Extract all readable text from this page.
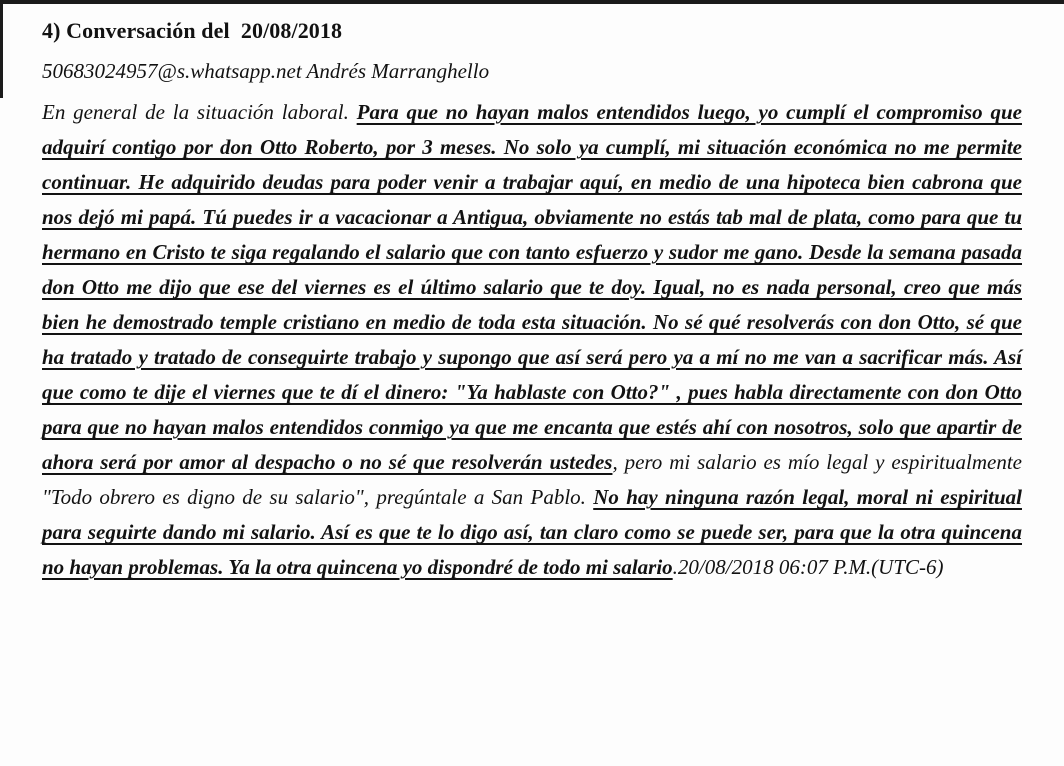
4) Conversación del  20/08/2018

50683024957@s.whatsapp.net Andrés Marranghello

En general de la situación laboral. Para que no hayan malos entendidos luego, yo cumplí el compromiso que adquirí contigo por don Otto Roberto, por 3 meses. No solo ya cumplí, mi situación económica no me permite continuar. He adquirido deudas para poder venir a trabajar aquí, en medio de una hipoteca bien cabrona que nos dejó mi papá. Tú puedes ir a vacacionar a Antigua, obviamente no estás tab mal de plata, como para que tu hermano en Cristo te siga regalando el salario que con tanto esfuerzo y sudor me gano. Desde la semana pasada don Otto me dijo que ese del viernes es el último salario que te doy. Igual, no es nada personal, creo que más bien he demostrado temple cristiano en medio de toda esta situación. No sé qué resolverás con don Otto, sé que ha tratado y tratado de conseguirte trabajo y supongo que así será pero ya a mí no me van a sacrificar más. Así que como te dije el viernes que te dí el dinero: "Ya hablaste con Otto?" , pues habla directamente con don Otto para que no hayan malos entendidos conmigo ya que me encanta que estés ahí con nosotros, solo que apartir de ahora será por amor al despacho o no sé que resolverán ustedes, pero mi salario es mío legal y espiritualmente "Todo obrero es digno de su salario", pregúntale a San Pablo. No hay ninguna razón legal, moral ni espiritual para seguirte dando mi salario. Así es que te lo digo así, tan claro como se puede ser, para que la otra quincena no hayan problemas. Ya la otra quincena yo dispondré de todo mi salario.20/08/2018 06:07 P.M.(UTC-6)
